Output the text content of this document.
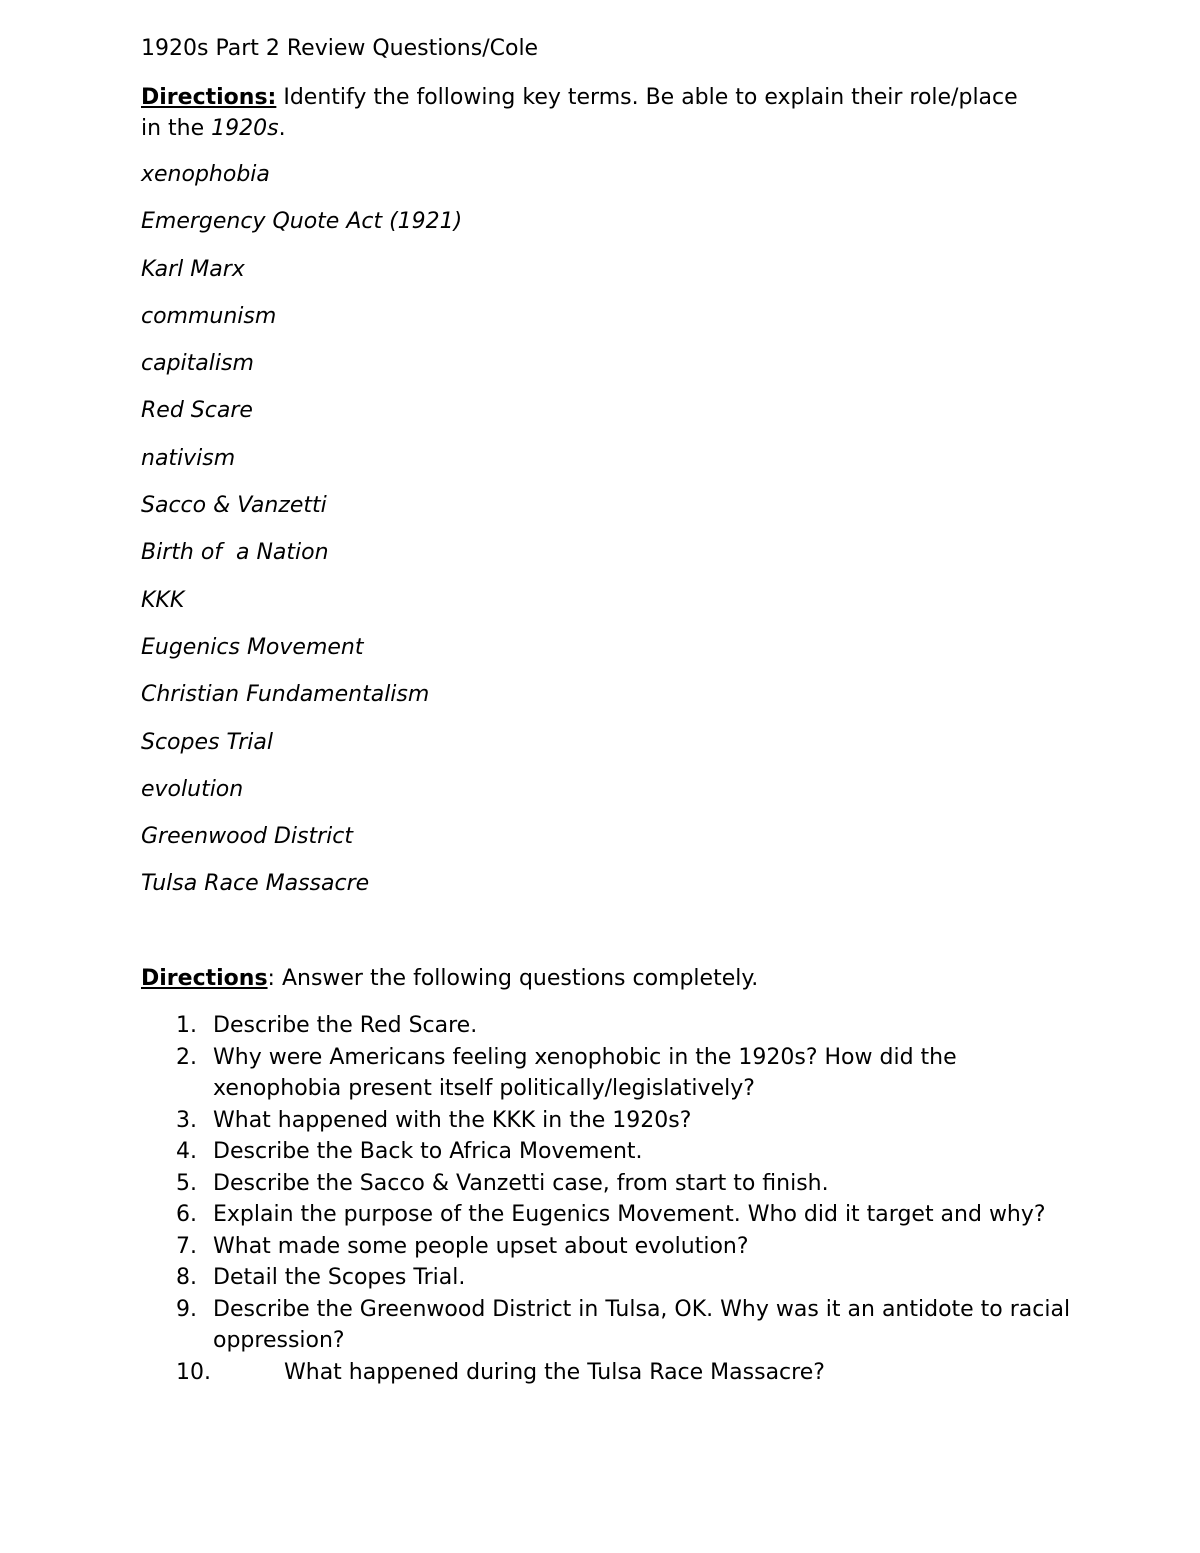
1920s Part 2 Review Questions/Cole
Directions: Identify the following key terms. Be able to explain their role/place in the 1920s.
xenophobia
Emergency Quote Act (1921)
Karl Marx
communism
capitalism
Red Scare
nativism
Sacco & Vanzetti
Birth of  a Nation
KKK
Eugenics Movement
Christian Fundamentalism
Scopes Trial
evolution
Greenwood District
Tulsa Race Massacre
Directions: Answer the following questions completely.
1. Describe the Red Scare.
2. Why were Americans feeling xenophobic in the 1920s? How did the xenophobia present itself politically/legislatively?
3. What happened with the KKK in the 1920s?
4. Describe the Back to Africa Movement.
5. Describe the Sacco & Vanzetti case, from start to finish.
6. Explain the purpose of the Eugenics Movement. Who did it target and why?
7. What made some people upset about evolution?
8. Detail the Scopes Trial.
9. Describe the Greenwood District in Tulsa, OK. Why was it an antidote to racial oppression?
10.	What happened during the Tulsa Race Massacre?
